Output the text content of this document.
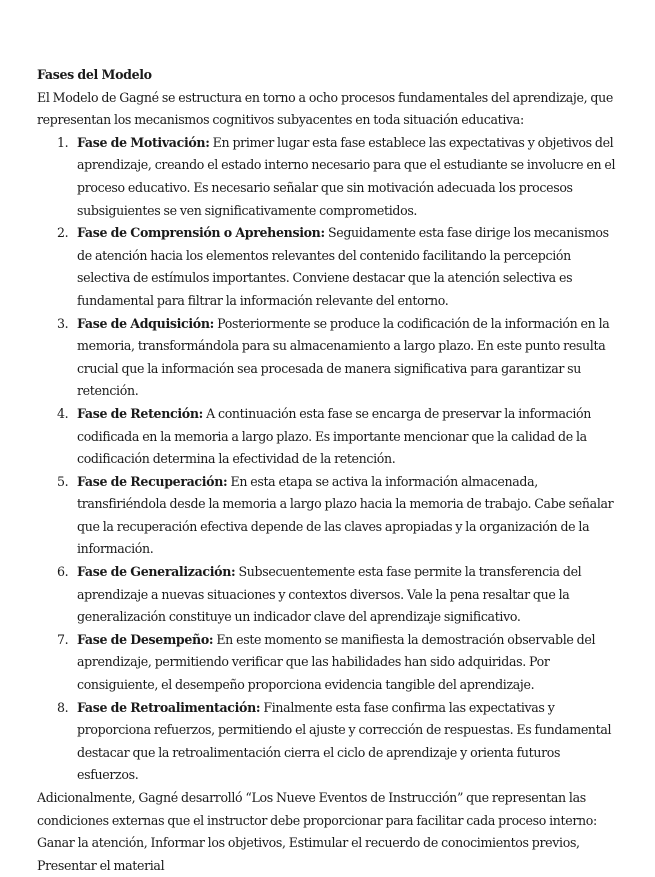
Fases del Modelo

El Modelo de Gagné se estructura en torno a ocho procesos fundamentales del aprendizaje, que representan los mecanismos cognitivos subyacentes en toda situación educativa:

1. Fase de Motivación: En primer lugar esta fase establece las expectativas y objetivos del aprendizaje, creando el estado interno necesario para que el estudiante se involucre en el proceso educativo. Es necesario señalar que sin motivación adecuada los procesos subsiguientes se ven significativamente comprometidos.
2. Fase de Comprensión o Aprehension: Seguidamente esta fase dirige los mecanismos de atención hacia los elementos relevantes del contenido facilitando la percepción selectiva de estímulos importantes. Conviene destacar que la atención selectiva es fundamental para filtrar la información relevante del entorno.
3. Fase de Adquisición: Posteriormente se produce la codificación de la información en la memoria, transformándola para su almacenamiento a largo plazo. En este punto resulta crucial que la información sea procesada de manera significativa para garantizar su retención.
4. Fase de Retención: A continuación esta fase se encarga de preservar la información codificada en la memoria a largo plazo. Es importante mencionar que la calidad de la codificación determina la efectividad de la retención.
5. Fase de Recuperación: En esta etapa se activa la información almacenada, transfiriéndola desde la memoria a largo plazo hacia la memoria de trabajo. Cabe señalar que la recuperación efectiva depende de las claves apropiadas y la organización de la información.
6. Fase de Generalización: Subsecuentemente esta fase permite la transferencia del aprendizaje a nuevas situaciones y contextos diversos. Vale la pena resaltar que la generalización constituye un indicador clave del aprendizaje significativo.
7. Fase de Desempeño: En este momento se manifiesta la demostración observable del aprendizaje, permitiendo verificar que las habilidades han sido adquiridas. Por consiguiente, el desempeño proporciona evidencia tangible del aprendizaje.
8. Fase de Retroalimentación: Finalmente esta fase confirma las expectativas y proporciona refuerzos, permitiendo el ajuste y corrección de respuestas. Es fundamental destacar que la retroalimentación cierra el ciclo de aprendizaje y orienta futuros esfuerzos.

Adicionalmente, Gagné desarrolló “Los Nueve Eventos de Instrucción” que representan las condiciones externas que el instructor debe proporcionar para facilitar cada proceso interno: Ganar la atención, Informar los objetivos, Estimular el recuerdo de conocimientos previos, Presentar el material
